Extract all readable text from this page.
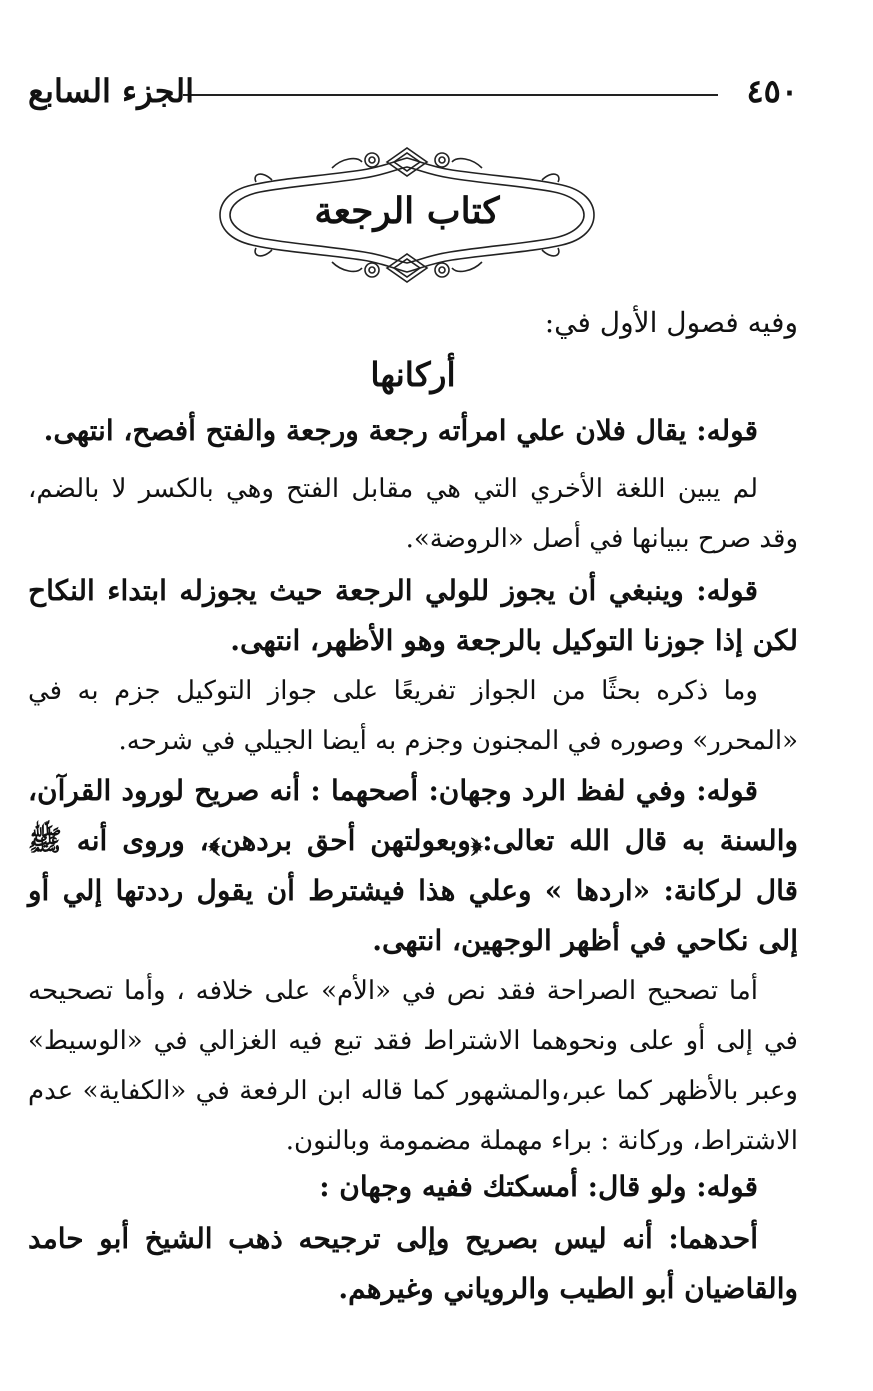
٤٥٠
الجزء السابع
كتاب الرجعة
وفيه فصول الأول في:
أركانها

قوله: يقال فلان علي امرأته رجعة ورجعة والفتح أفصح، انتهى.

لم يبين اللغة الأخري التي هي مقابل الفتح وهي بالكسر لا بالضم، وقد صرح ببيانها في أصل «الروضة».

قوله: وينبغي أن يجوز للولي الرجعة حيث يجوزله ابتداء النكاح لكن إذا جوزنا التوكيل بالرجعة وهو الأظهر، انتهى.

وما ذكره بحثًا من الجواز تفريعًا على جواز التوكيل جزم به في «المحرر» وصوره في المجنون وجزم به أيضا الجيلي في شرحه.

قوله: وفي لفظ الرد وجهان: أصحهما : أنه صريح لورود القرآن، والسنة به قال الله تعالى:﴿وبعولتهن أحق بردهن﴾، وروى أنه ﷺ قال لركانة: «اردها » وعلي هذا فيشترط أن يقول رددتها إلي أو إلى نكاحي في أظهر الوجهين، انتهى.

أما تصحيح الصراحة فقد نص في «الأم» على خلافه ، وأما تصحيحه في إلى أو على ونحوهما الاشتراط فقد تبع فيه الغزالي في «الوسيط» وعبر بالأظهر كما عبر،والمشهور كما قاله ابن الرفعة في «الكفاية» عدم الاشتراط، وركانة : براء مهملة مضمومة وبالنون.

قوله: ولو قال: أمسكتك ففيه وجهان :

أحدهما: أنه ليس بصريح وإلى ترجيحه ذهب الشيخ أبو حامد والقاضيان أبو الطيب والروياني وغيرهم.
